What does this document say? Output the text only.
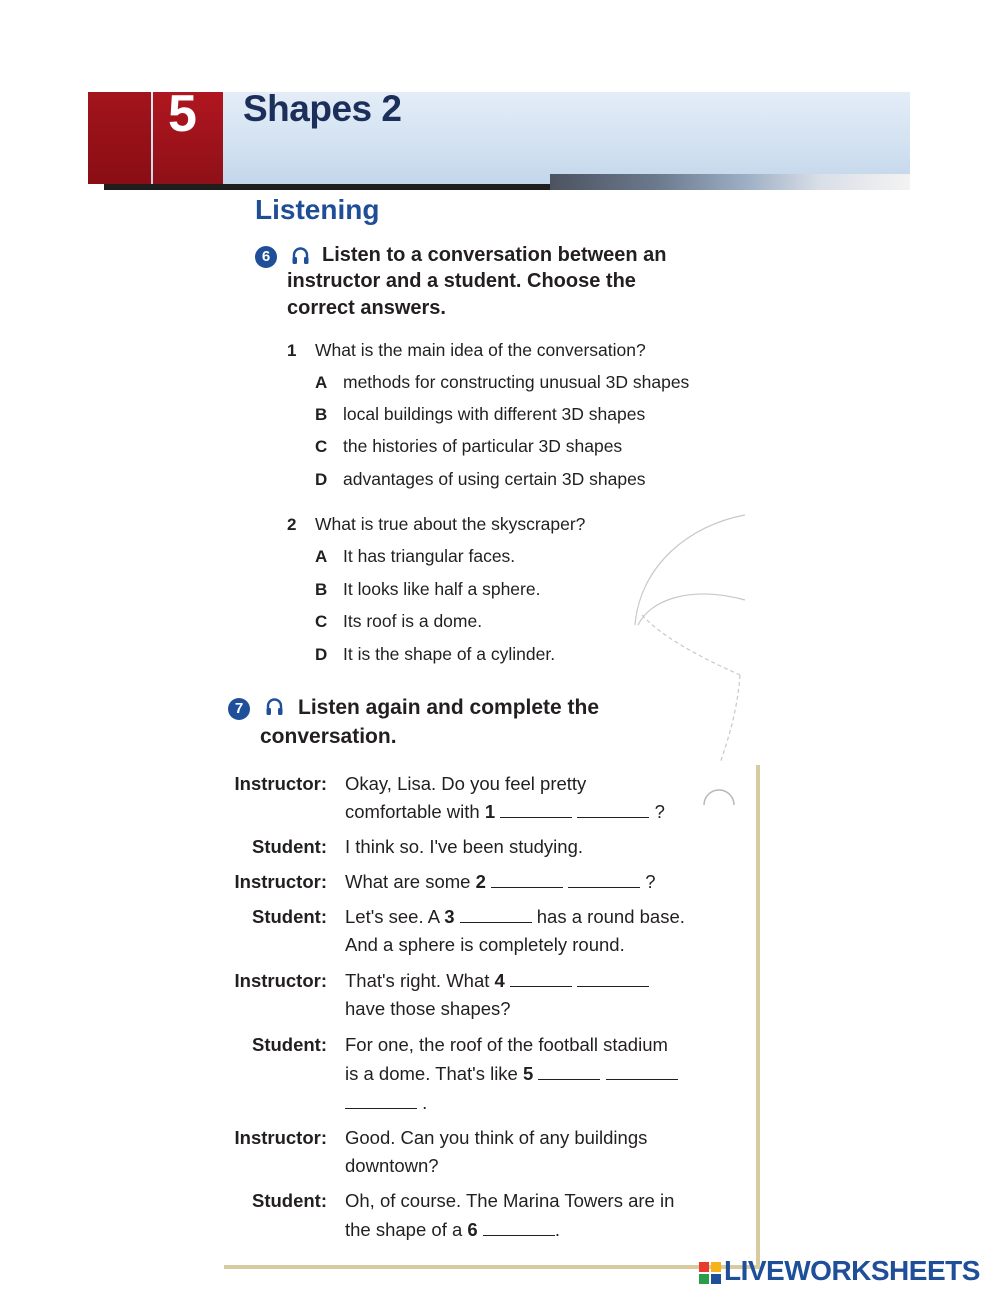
5 Shapes 2
Listening
6	Listen to a conversation between an
instructor and a student. Choose the
correct answers.
1 What is the main idea of the conversation?
A methods for constructing unusual 3D shapes
B local buildings with different 3D shapes
C the histories of particular 3D shapes
D advantages of using certain 3D shapes
2 What is true about the skyscraper?
A It has triangular faces.
B It looks like half a sphere.
C Its roof is a dome.
D It is the shape of a cylinder.
7	Listen again and complete the
conversation.
Instructor: Okay, Lisa. Do you feel pretty
comfortable with 1	?
Student: I think so. I've been studying.
Instructor: What are some 2	?
Student: Let's see. A 3	has a round base.
And a sphere is completely round.
Instructor: That's right. What 4
have those shapes?
Student: For one, the roof of the football stadium
is a dome. That's like 5
.
Instructor: Good. Can you think of any buildings
downtown?
Student: Oh, of course. The Marina Towers are in
the shape of a 6	.
LIVEWORKSHEETS
